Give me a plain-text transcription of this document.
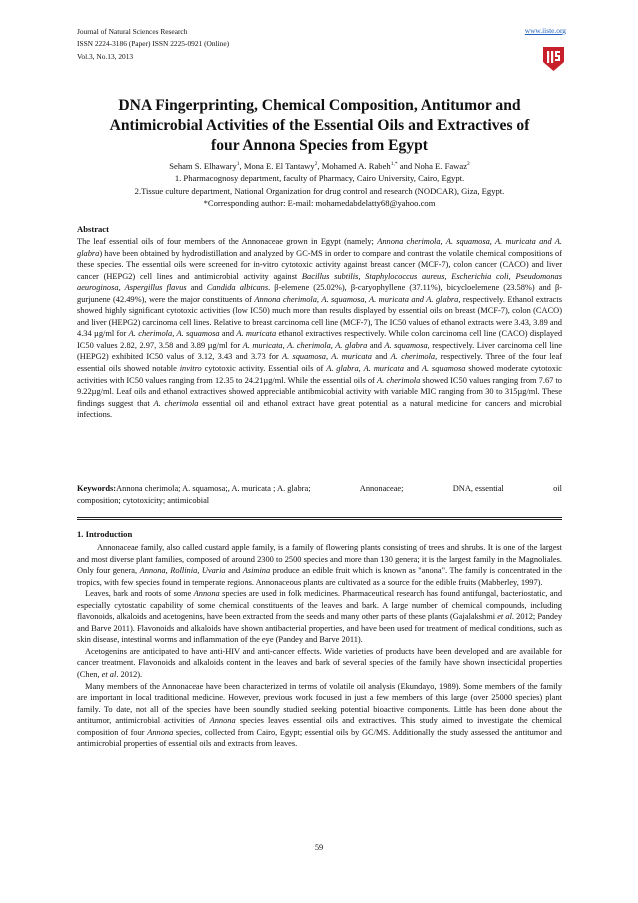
Journal of Natural Sciences Research
ISSN 2224-3186 (Paper) ISSN 2225-0921 (Online)
Vol.3, No.13, 2013
www.iiste.org
DNA Fingerprinting, Chemical Composition, Antitumor and
Antimicrobial Activities of the Essential Oils and Extractives of
four Annona Species from Egypt
Seham S. Elhawary$^1$, Mona E. El Tantawy$^2$, Mohamed A. Rabeh$^{1,*}$ and Noha E. Fawaz$^2$
1. Pharmacognosy department, faculty of Pharmacy, Cairo University, Cairo, Egypt.
2.Tissue culture department, National Organization for drug control and research (NODCAR), Giza, Egypt.
*Corresponding author: E-mail: mohamedabdelatty68@yahoo.com
Abstract
The leaf essential oils of four members of the Annonaceae grown in Egypt (namely; Annona cherimola, A. squamosa, A. muricata and A. glabra) have been obtained by hydrodistillation and analyzed by GC-MS in order to compare and contrast the volatile chemical compositions of these species. The essential oils were screened for in-vitro cytotoxic activity against breast cancer (MCF-7), colon cancer (CACO) and liver cancer (HEPG2) cell lines and antimicrobial activity against Bacillus subtilis, Staphylococcus aureus, Escherichia coli, Pseudomonas aeuroginosa, Aspergillus flavus and Candida albicans. β-elemene (25.02%), β-caryophyllene (37.11%), bicycloelemene (23.58%) and β-gurjunene (42.49%), were the major constituents of Annona cherimola, A. squamosa, A. muricata and A. glabra, respectively. Ethanol extracts showed highly significant cytotoxic activities (low IC50) much more than results displayed by essential oils on breast (MCF-7), colon (CACO) and liver (HEPG2) carcinoma cell lines. Relative to breast carcinoma cell line (MCF-7), The IC50 values of ethanol extracts were 3.43, 3.89 and 4.34 µg/ml for A. cherimola, A. squamosa and A. muricata ethanol extractives respectively. While colon carcinoma cell line (CACO) displayed IC50 values 2.82, 2.97, 3.58 and 3.89 µg/ml for A. muricata, A. cherimola, A. glabra and A. squamosa, respectively. Liver carcinoma cell line (HEPG2) exhibited IC50 valus of 3.12, 3.43 and 3.73 for A. squamosa, A. muricata and A. cherimola, respectively. Three of the four leaf essential oils showed notable invitro cytotoxic activity. Essential oils of A. glabra, A. muricata and A. squamosa showed moderate cytotoxic activities with IC50 values ranging from 12.35 to 24.21µg/ml. While the essential oils of A. cherimola showed IC50 values ranging from 7.67 to 9.22µg/ml. Leaf oils and ethanol extractives showed appreciable antibmicobial activity with variable MIC ranging from 30 to 315µg/ml. These findings suggest that A. cherimola essential oil and ethanol extract have great potential as a natural medicine for cancers and microbial infections.
Keywords:Annona cherimola; A. squamosa;, A. muricata ; A. glabra;	Annonaceae;	DNA, essential	oil
composition; cytotoxicity; antimicobial
1. Introduction

Annonaceae family, also called custard apple family, is a family of flowering plants consisting of trees and shrubs. It is one of the largest and most diverse plant families, composed of around 2300 to 2500 species and more than 130 genera; it is the largest family in the Magnoliales. Only four genera, Annona, Rollinia, Uvaria and Asimina produce an edible fruit which is known as "anona". The family is concentrated in the tropics, with few species found in temperate regions. Annonaceous plants are cultivated as a source for the edible fruits (Mabberley, 1997).

Leaves, bark and roots of some Annona species are used in folk medicines. Pharmaceutical research has found antifungal, bacteriostatic, and especially cytostatic capability of some chemical constituents of the leaves and bark. A large number of chemical compounds, including flavonoids, alkaloids and acetogenins, have been extracted from the seeds and many other parts of these plants (Gajalakshmi et al. 2012; Pandey and Barve 2011). Flavonoids and alkaloids have shown antibacterial properties, and have been used for treatment of medical conditions, such as skin disease, intestinal worms and inflammation of the eye (Pandey and Barve 2011).

Acetogenins are anticipated to have anti-HIV and anti-cancer effects. Wide varieties of products have been developed and are available for cancer treatment. Flavonoids and alkaloids content in the leaves and bark of several species of the family have shown insecticidal properties (Chen, et al. 2012).

Many members of the Annonaceae have been characterized in terms of volatile oil analysis (Ekundayo, 1989). Some members of the family are important in local traditional medicine. However, previous work focused in just a few members of this large (over 25000 species) plant family. To date, not all of the species have been soundly studied seeking potential bioactive components. Little has been done about the antitumor, antimicrobial activities of Annona species leaves essential oils and extractives. This study aimed to investigate the chemical composition of four Annona species, collected from Cairo, Egypt; essential oils by GC/MS. Additionally the study assessed the antitumor and antimicrobial properties of essential oils and extracts from leaves.

59
